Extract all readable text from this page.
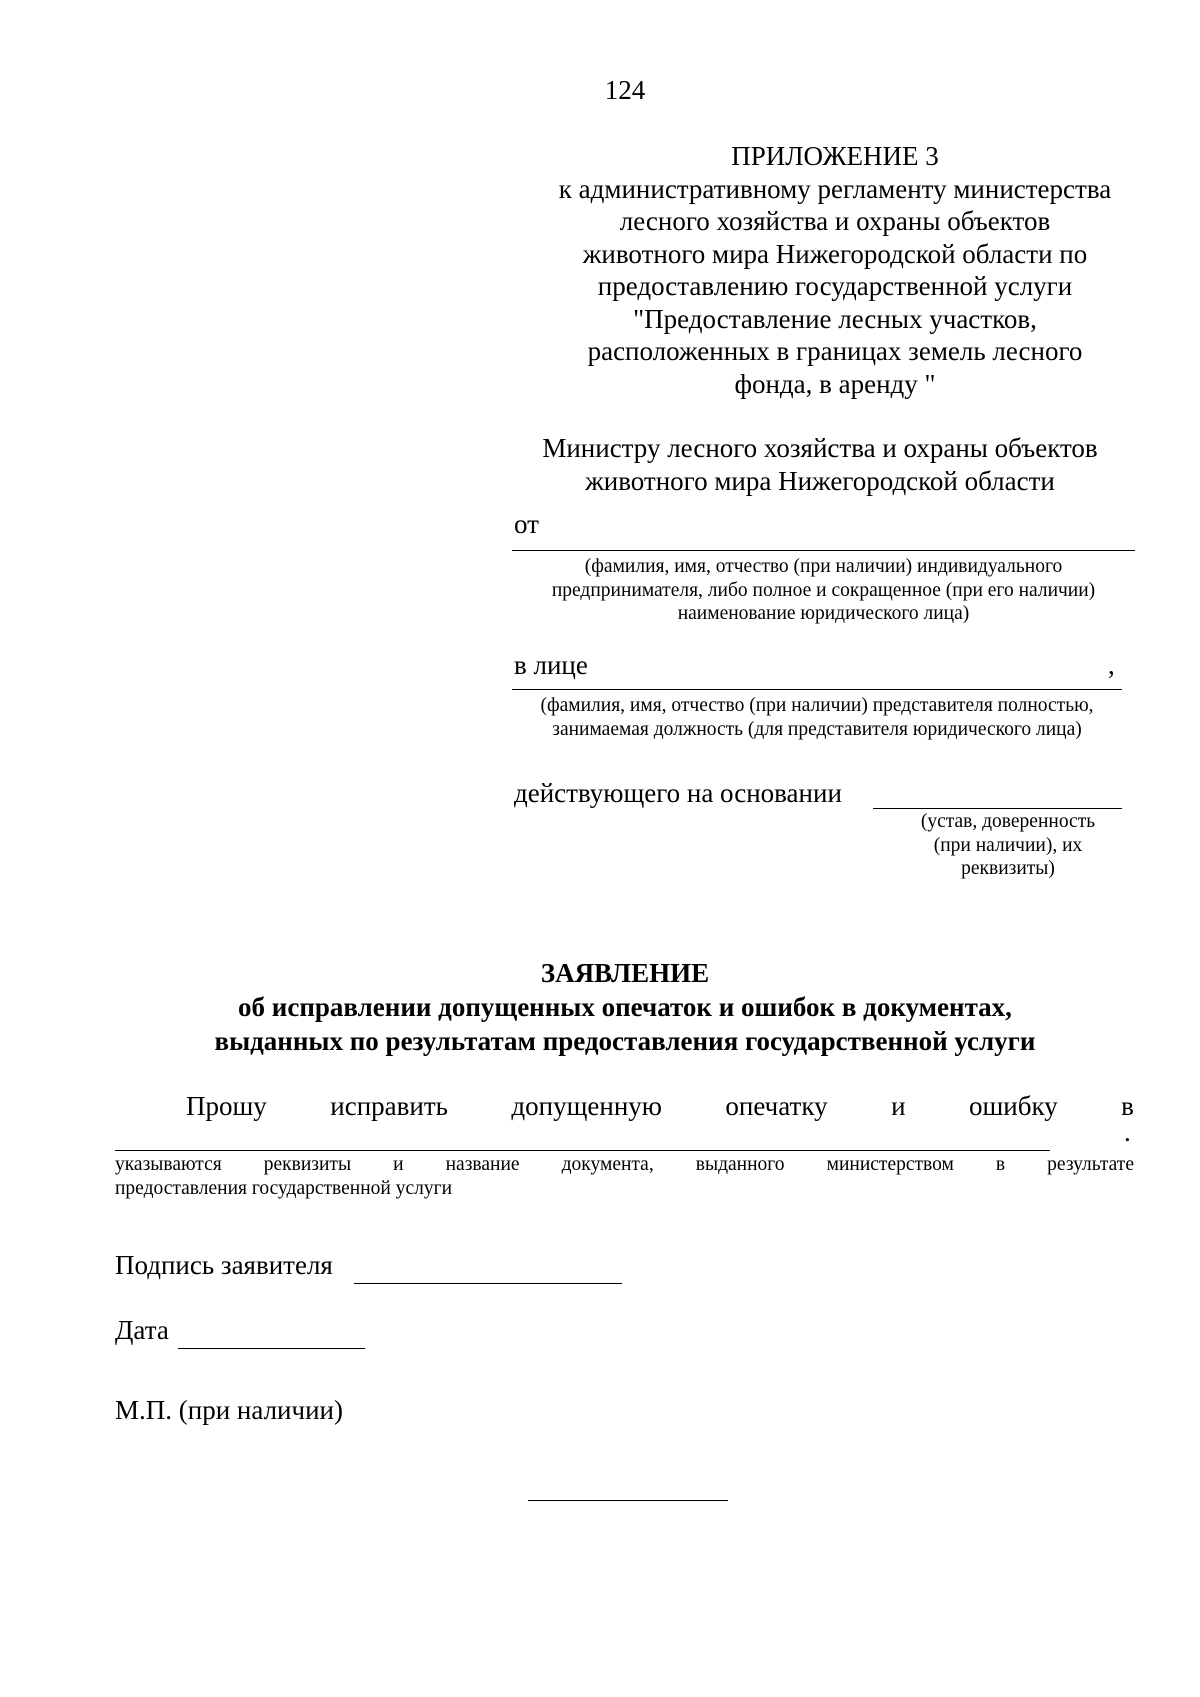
124
ПРИЛОЖЕНИЕ 3
к административному регламенту министерства
лесного хозяйства и охраны объектов
животного мира Нижегородской области по
предоставлению государственной услуги
"Предоставление лесных участков,
расположенных в границах земель лесного
фонда, в аренду "
Министру лесного хозяйства и охраны объектов
животного мира Нижегородской области
от
(фамилия, имя, отчество (при наличии) индивидуального
предпринимателя, либо полное и сокращенное (при его наличии)
наименование юридического лица)
в лице	,
(фамилия, имя, отчество (при наличии) представителя полностью,
занимаемая должность (для представителя юридического лица)
действующего на основании
(устав, доверенность
(при наличии), их
реквизиты)
ЗАЯВЛЕНИЕ
об исправлении допущенных опечаток и ошибок в документах,
выданных по результатам предоставления государственной услуги
Прошу исправить допущенную опечатку и ошибку в
.
указываются реквизиты и название документа, выданного министерством в результате
предоставления государственной услуги
Подпись заявителя
Дата
М.П. (при наличии)
